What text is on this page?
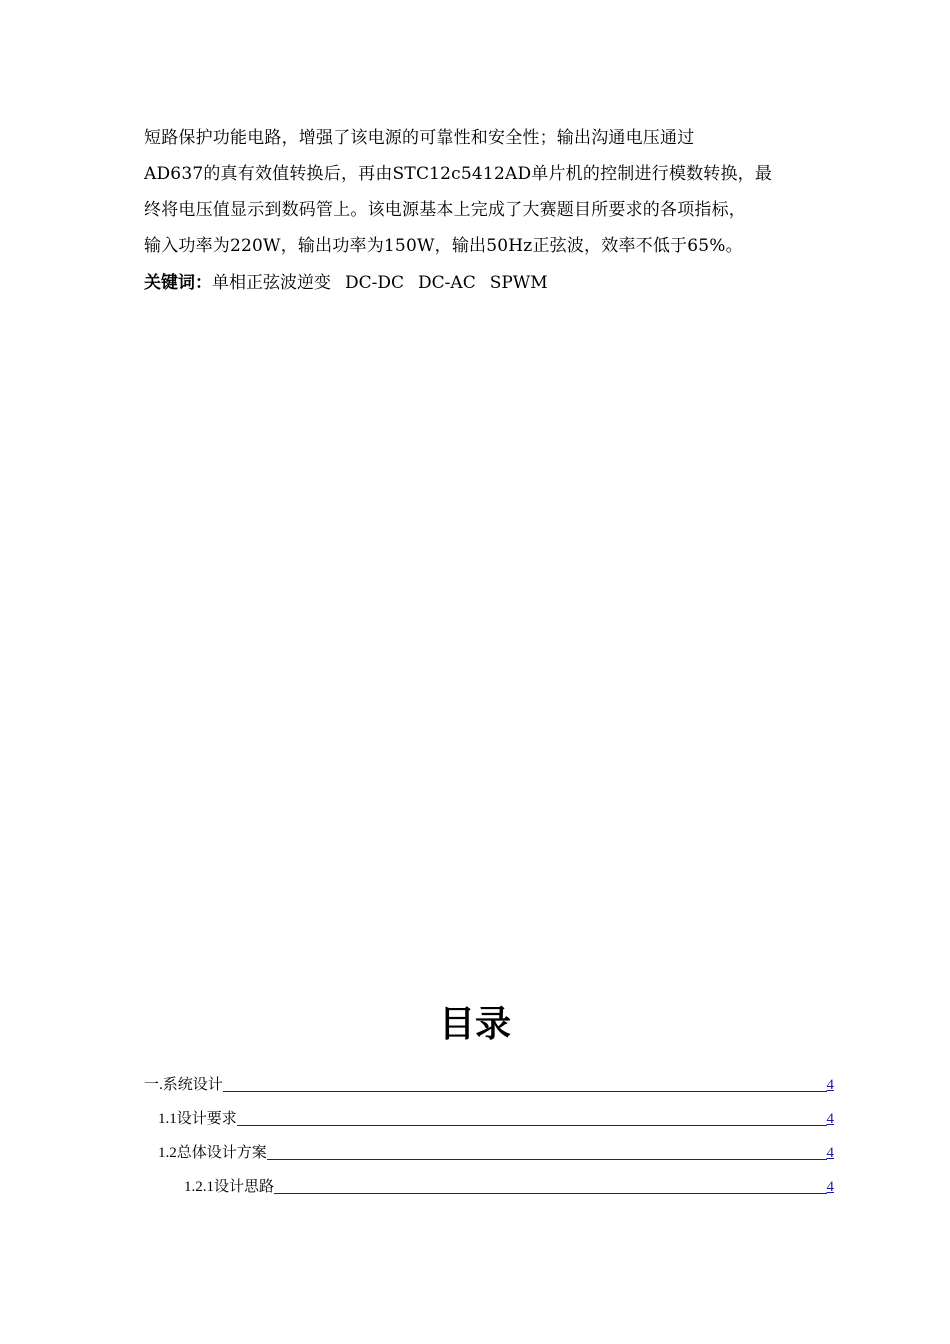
短路保护功能电路，增强了该电源的可靠性和安全性；输出沟通电压通过
AD637的真有效值转换后，再由STC12c5412AD单片机的控制进行模数转换，最
终将电压值显示到数码管上。该电源基本上完成了大赛题目所要求的各项指标，
输入功率为220W，输出功率为150W，输出50Hz正弦波，效率不低于65%。
关键词：单相正弦波逆变 DC-DC DC-AC SPWM
目录
一.系统设计	4
1.1设计要求	4
1.2总体设计方案	4
1.2.1设计思路	4
